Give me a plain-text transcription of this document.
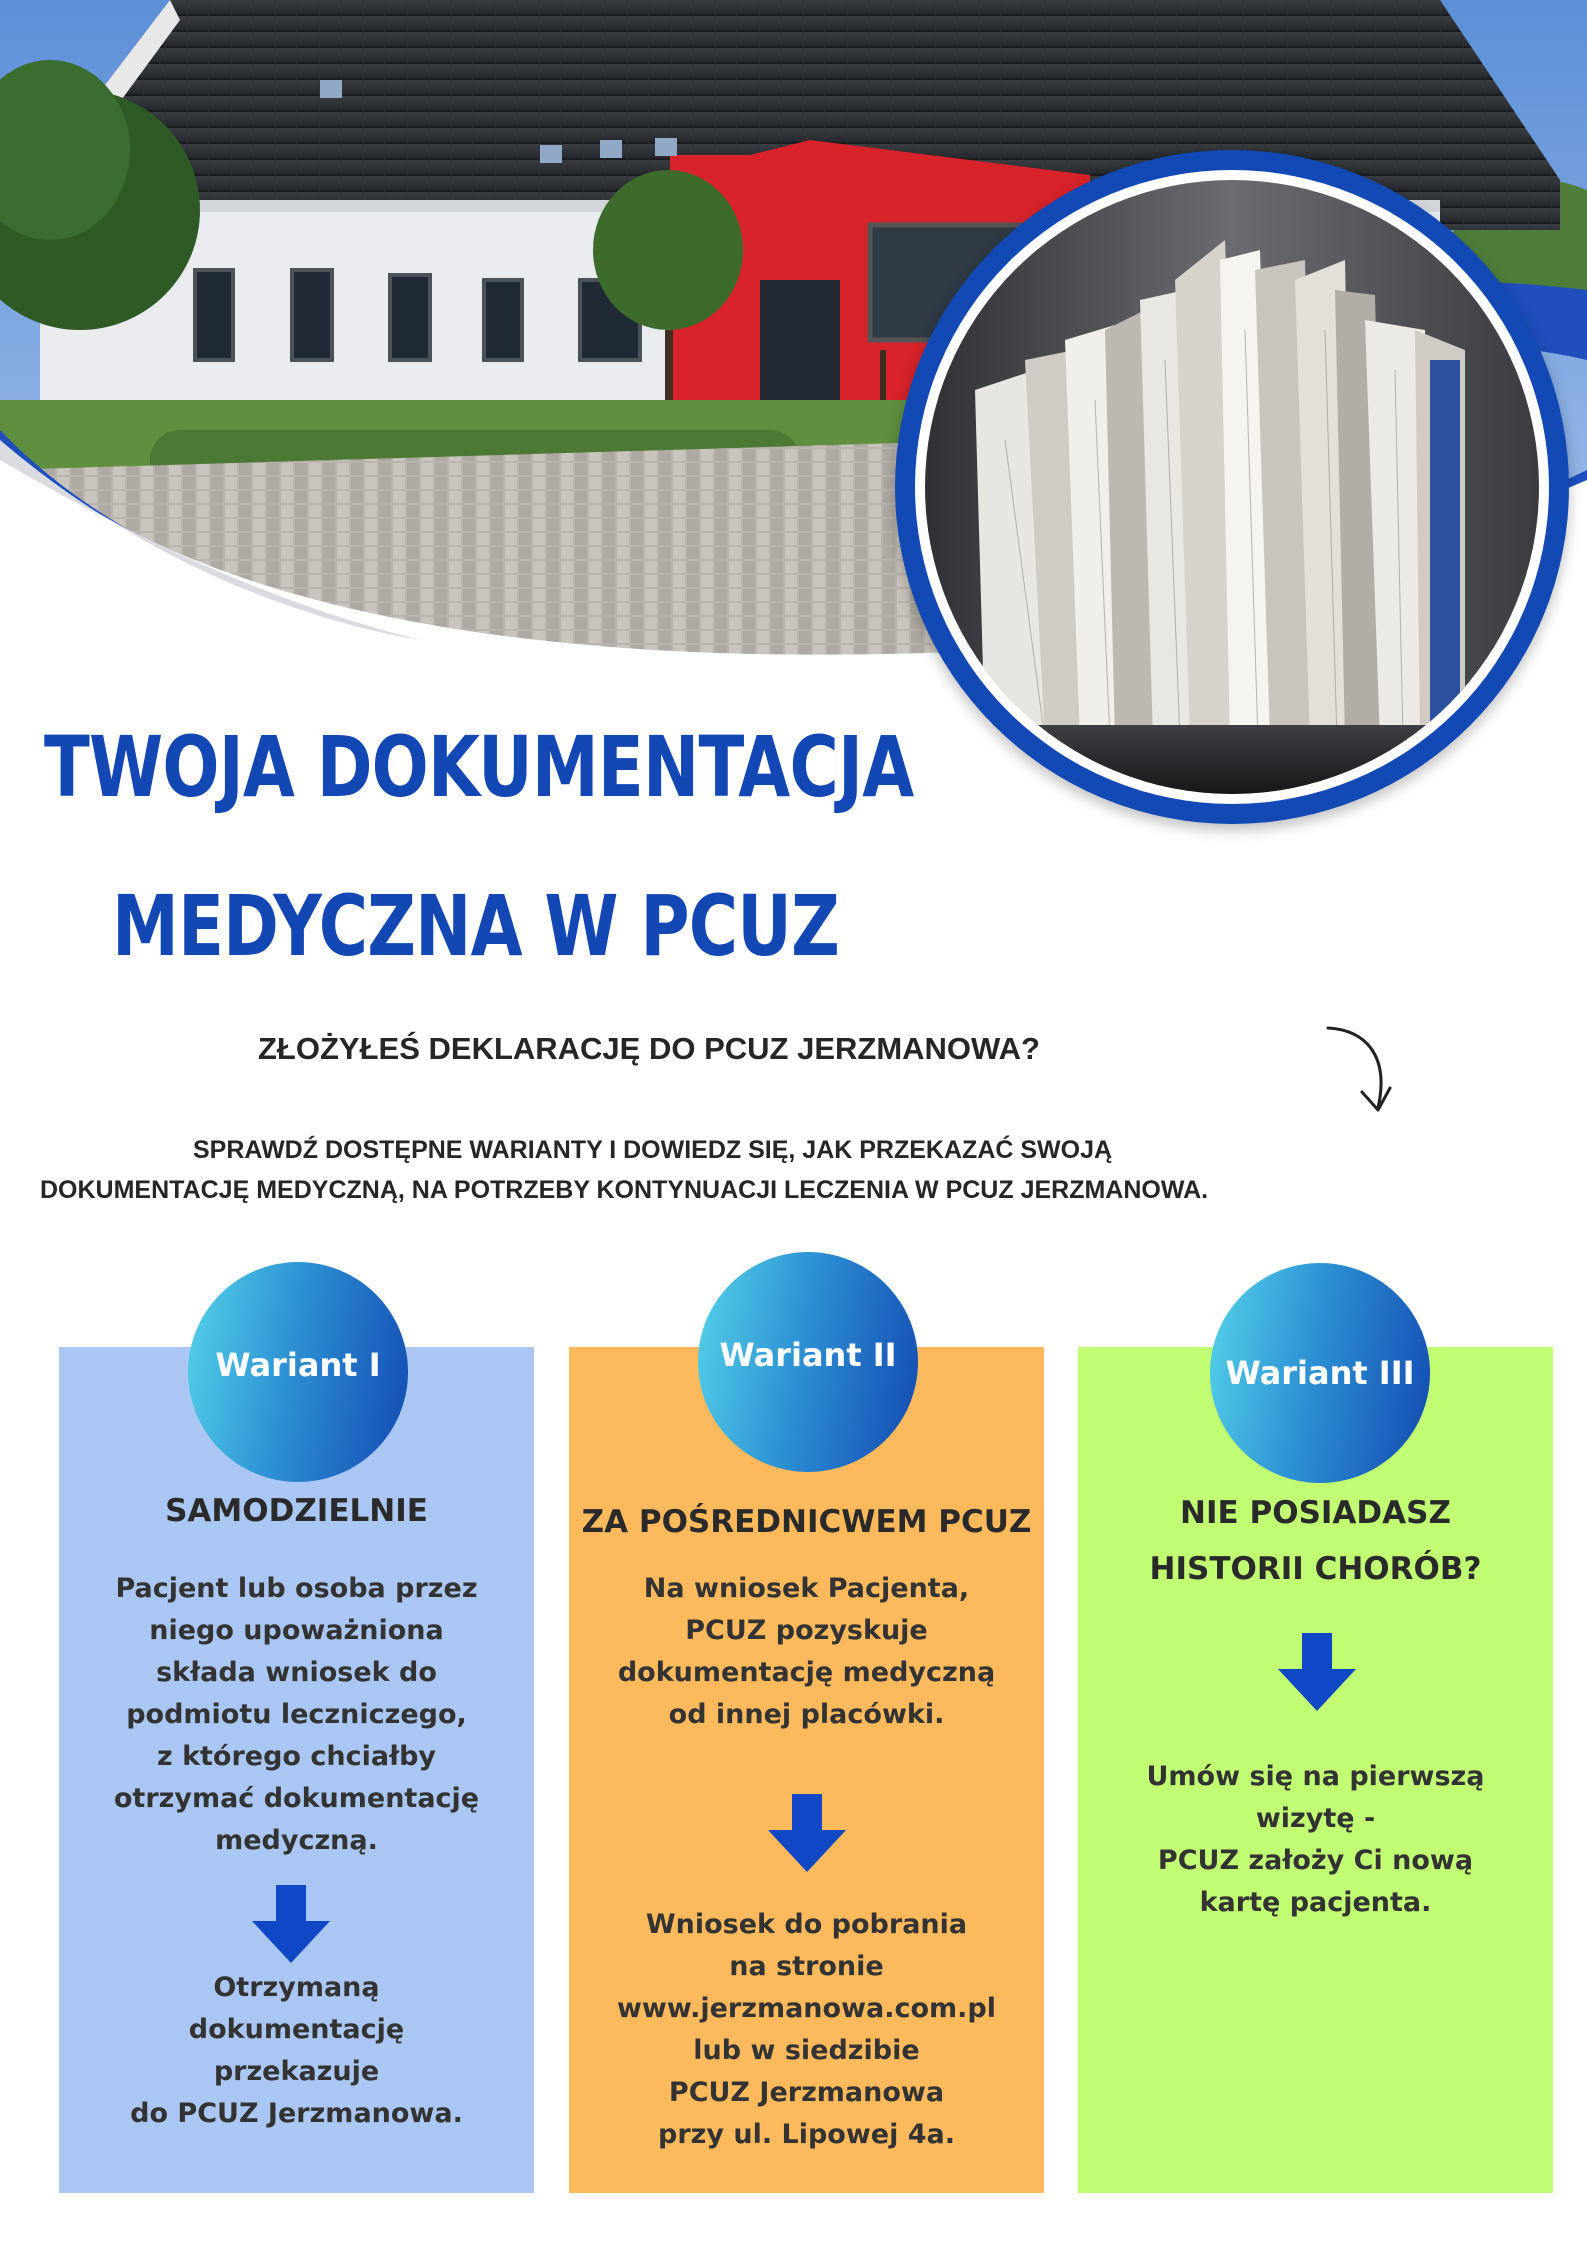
TWOJA DOKUMENTACJA
MEDYCZNA W PCUZ
ZŁOŻYŁEŚ DEKLARACJĘ DO PCUZ JERZMANOWA?
SPRAWDŹ DOSTĘPNE WARIANTY I DOWIEDZ SIĘ, JAK PRZEKAZAĆ SWOJĄ
DOKUMENTACJĘ MEDYCZNĄ, NA POTRZEBY KONTYNUACJI LECZENIA W PCUZ JERZMANOWA.
Wariant I	Wariant II	Wariant III
SAMODZIELNIE
Pacjent lub osoba przez
niego upoważniona
składa wniosek do
podmiotu leczniczego,
z którego chciałby
otrzymać dokumentację
medyczną.
Otrzymaną
dokumentację
przekazuje
do PCUZ Jerzmanowa.
ZA POŚREDNICWEM PCUZ
Na wniosek Pacjenta,
PCUZ pozyskuje
dokumentację medyczną
od innej placówki.
Wniosek do pobrania
na stronie
www.jerzmanowa.com.pl
lub w siedzibie
PCUZ Jerzmanowa
przy ul. Lipowej 4a.
NIE POSIADASZ
HISTORII CHORÓB?
Umów się na pierwszą
wizytę -
PCUZ założy Ci nową
kartę pacjenta.
